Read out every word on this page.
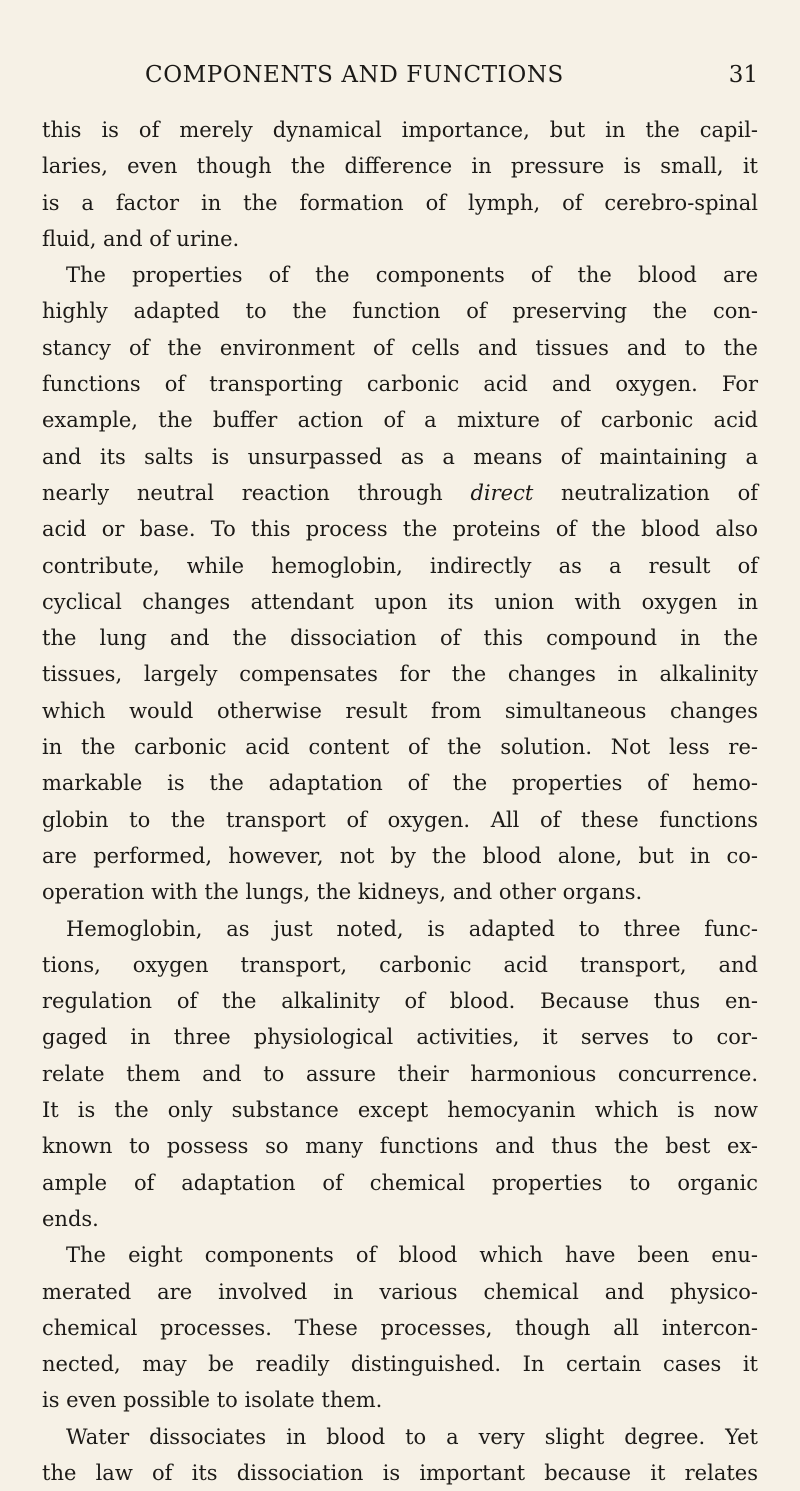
COMPONENTS AND FUNCTIONS	31
this is of merely dynamical importance, but in the capil-
laries, even though the difference in pressure is small, it
is a factor in the formation of lymph, of cerebro-spinal
fluid, and of urine.
The properties of the components of the blood are
highly adapted to the function of preserving the con-
stancy of the environment of cells and tissues and to the
functions of transporting carbonic acid and oxygen. For
example, the buffer action of a mixture of carbonic acid
and its salts is unsurpassed as a means of maintaining a
nearly neutral reaction through direct neutralization of
acid or base. To this process the proteins of the blood also
contribute, while hemoglobin, indirectly as a result of
cyclical changes attendant upon its union with oxygen in
the lung and the dissociation of this compound in the
tissues, largely compensates for the changes in alkalinity
which would otherwise result from simultaneous changes
in the carbonic acid content of the solution. Not less re-
markable is the adaptation of the properties of hemo-
globin to the transport of oxygen. All of these functions
are performed, however, not by the blood alone, but in co-
operation with the lungs, the kidneys, and other organs.
Hemoglobin, as just noted, is adapted to three func-
tions, oxygen transport, carbonic acid transport, and
regulation of the alkalinity of blood. Because thus en-
gaged in three physiological activities, it serves to cor-
relate them and to assure their harmonious concurrence.
It is the only substance except hemocyanin which is now
known to possess so many functions and thus the best ex-
ample of adaptation of chemical properties to organic
ends.
The eight components of blood which have been enu-
merated are involved in various chemical and physico-
chemical processes. These processes, though all intercon-
nected, may be readily distinguished. In certain cases it
is even possible to isolate them.
Water dissociates in blood to a very slight degree. Yet
the law of its dissociation is important because it relates
